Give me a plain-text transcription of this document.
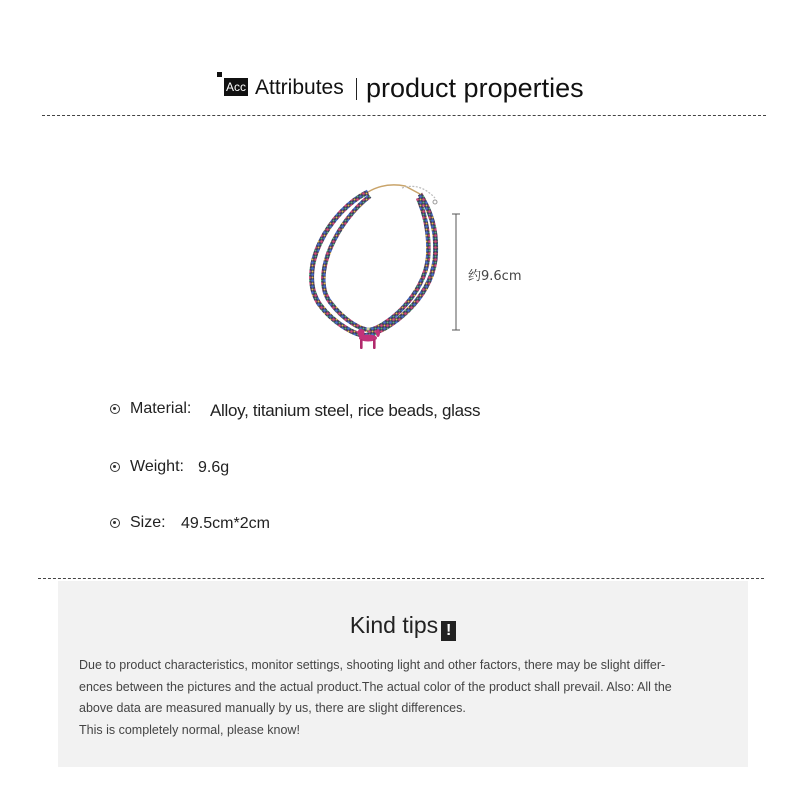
Acc Attributes product properties
约9.6cm
Material: Alloy, titanium steel, rice beads, glass
Weight: 9.6g
Size: 49.5cm*2cm
Kind tips !
Due to product characteristics, monitor settings, shooting light and other factors, there may be slight differ-
ences between the pictures and the actual product.The actual color of the product shall prevail. Also: All the
above data are measured manually by us, there are slight differences.
This is completely normal, please know!
